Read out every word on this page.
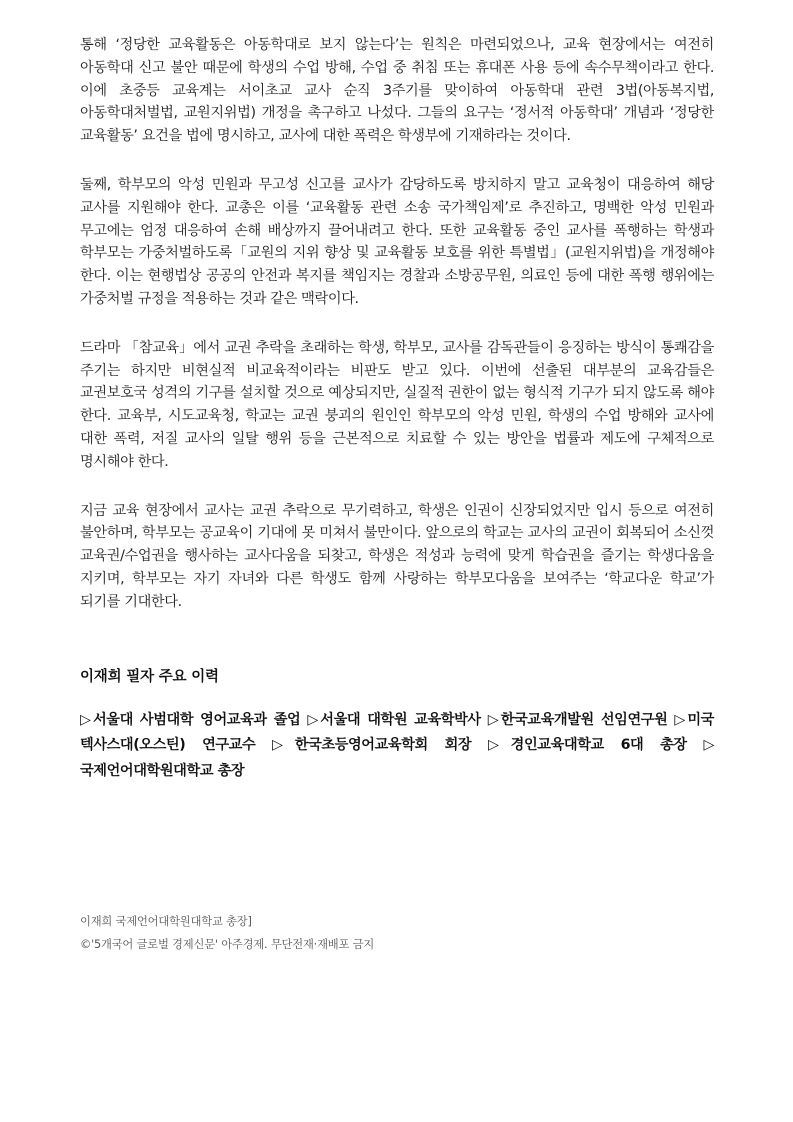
통해 ‘정당한 교육활동은 아동학대로 보지 않는다’는 원칙은 마련되었으나, 교육 현장에서는 여전히 아동학대 신고 불안 때문에 학생의 수업 방해, 수업 중 취침 또는 휴대폰 사용 등에 속수무책이라고 한다. 이에 초중등 교육계는 서이초교 교사 순직 3주기를 맞이하여 아동학대 관련 3법(아동복지법, 아동학대처벌법, 교원지위법) 개정을 촉구하고 나섰다. 그들의 요구는 ‘정서적 아동학대’ 개념과 ‘정당한 교육활동’ 요건을 법에 명시하고, 교사에 대한 폭력은 학생부에 기재하라는 것이다.

둘째, 학부모의 악성 민원과 무고성 신고를 교사가 감당하도록 방치하지 말고 교육청이 대응하여 해당 교사를 지원해야 한다. 교총은 이를 ‘교육활동 관련 소송 국가책임제’로 추진하고, 명백한 악성 민원과 무고에는 엄정 대응하여 손해 배상까지 끌어내려고 한다. 또한 교육활동 중인 교사를 폭행하는 학생과 학부모는 가중처벌하도록「교원의 지위 향상 및 교육활동 보호를 위한 특별법」(교원지위법)을 개정해야 한다. 이는 현행법상 공공의 안전과 복지를 책임지는 경찰과 소방공무원, 의료인 등에 대한 폭행 행위에는 가중처벌 규정을 적용하는 것과 같은 맥락이다.

드라마 「참교육」에서 교권 추락을 초래하는 학생, 학부모, 교사를 감독관들이 응징하는 방식이 통쾌감을 주기는 하지만 비현실적 비교육적이라는 비판도 받고 있다. 이번에 선출된 대부분의 교육감들은 교권보호국 성격의 기구를 설치할 것으로 예상되지만, 실질적 권한이 없는 형식적 기구가 되지 않도록 해야 한다. 교육부, 시도교육청, 학교는 교권 붕괴의 원인인 학부모의 악성 민원, 학생의 수업 방해와 교사에 대한 폭력, 저질 교사의 일탈 행위 등을 근본적으로 치료할 수 있는 방안을 법률과 제도에 구체적으로 명시해야 한다.

지금 교육 현장에서 교사는 교권 추락으로 무기력하고, 학생은 인권이 신장되었지만 입시 등으로 여전히 불안하며, 학부모는 공교육이 기대에 못 미쳐서 불만이다. 앞으로의 학교는 교사의 교권이 회복되어 소신껏 교육권/수업권을 행사하는 교사다움을 되찾고, 학생은 적성과 능력에 맞게 학습권을 즐기는 학생다움을 지키며, 학부모는 자기 자녀와 다른 학생도 함께 사랑하는 학부모다움을 보여주는 ‘학교다운 학교’가 되기를 기대한다.

이재희 필자 주요 이력

▷서울대 사범대학 영어교육과 졸업 ▷서울대 대학원 교육학박사 ▷한국교육개발원 선임연구원 ▷미국 텍사스대(오스틴) 연구교수 ▷한국초등영어교육학회 회장 ▷경인교육대학교 6대 총장 ▷국제언어대학원대학교 총장

이재희 국제언어대학원대학교 총장]
©'5개국어 글로벌 경제신문' 아주경제. 무단전재·재배포 금지
